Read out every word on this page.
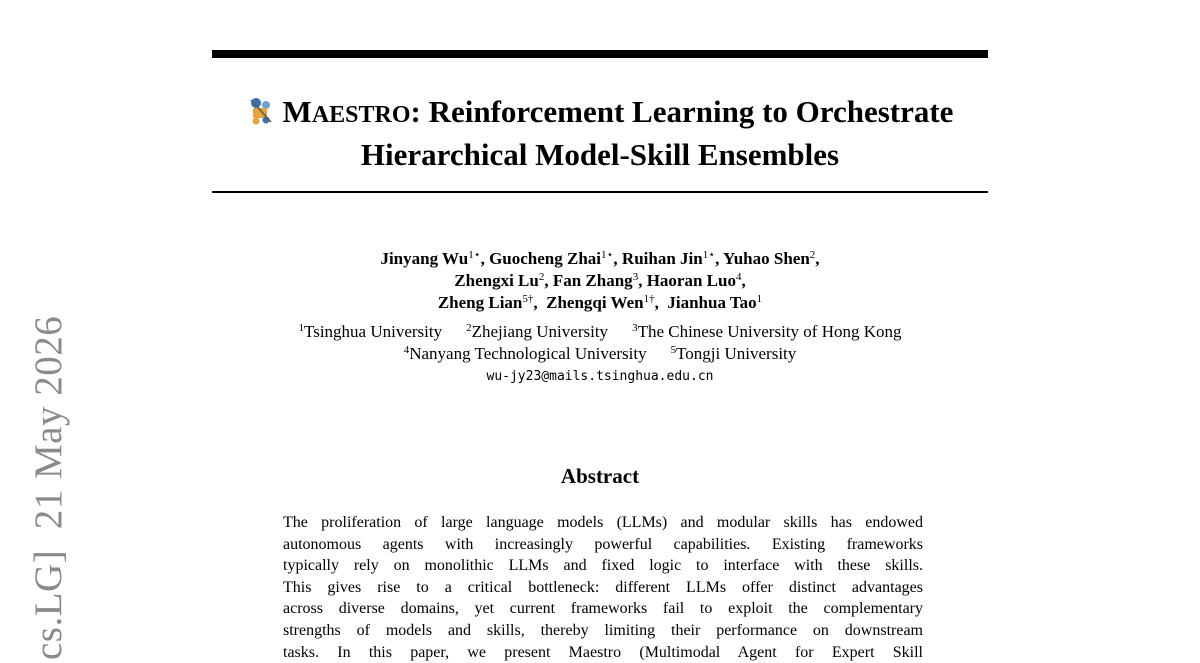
MAESTRO: Reinforcement Learning to Orchestrate
Hierarchical Model-Skill Ensembles
Jinyang $Wu^{1⋆}$, Guocheng Zhai$^{1⋆}$, Ruihan Jin$^{1⋆}$, Yuhao Shen$^2$,
Zhengxi Lu$^2$, Fan Zhang$^3$, Haoran Luo$^4$,
Zheng Lian$^{5\dagger}$,  Zhengqi Wen$^{1\dagger}$,  Jianhua Tao$^1$
$^1$Tsinghua University $^2$Zhejiang University $^3$The Chinese University of Hong Kong
$^4$Nanyang Technological University $^5$Tongji University
wu-jy23@mails.tsinghua.edu.cn
Abstract
The proliferation of large language models (LLMs) and modular skills has endowed
autonomous agents with increasingly powerful capabilities. Existing frameworks
typically rely on monolithic LLMs and fixed logic to interface with these skills.
This gives rise to a critical bottleneck: different LLMs offer distinct advantages
across diverse domains, yet current frameworks fail to exploit the complementary
strengths of models and skills, thereby limiting their performance on downstream
tasks. In this paper, we present Maestro (Multimodal Agent for Expert Skill
cs.LG]  21 May 2026
